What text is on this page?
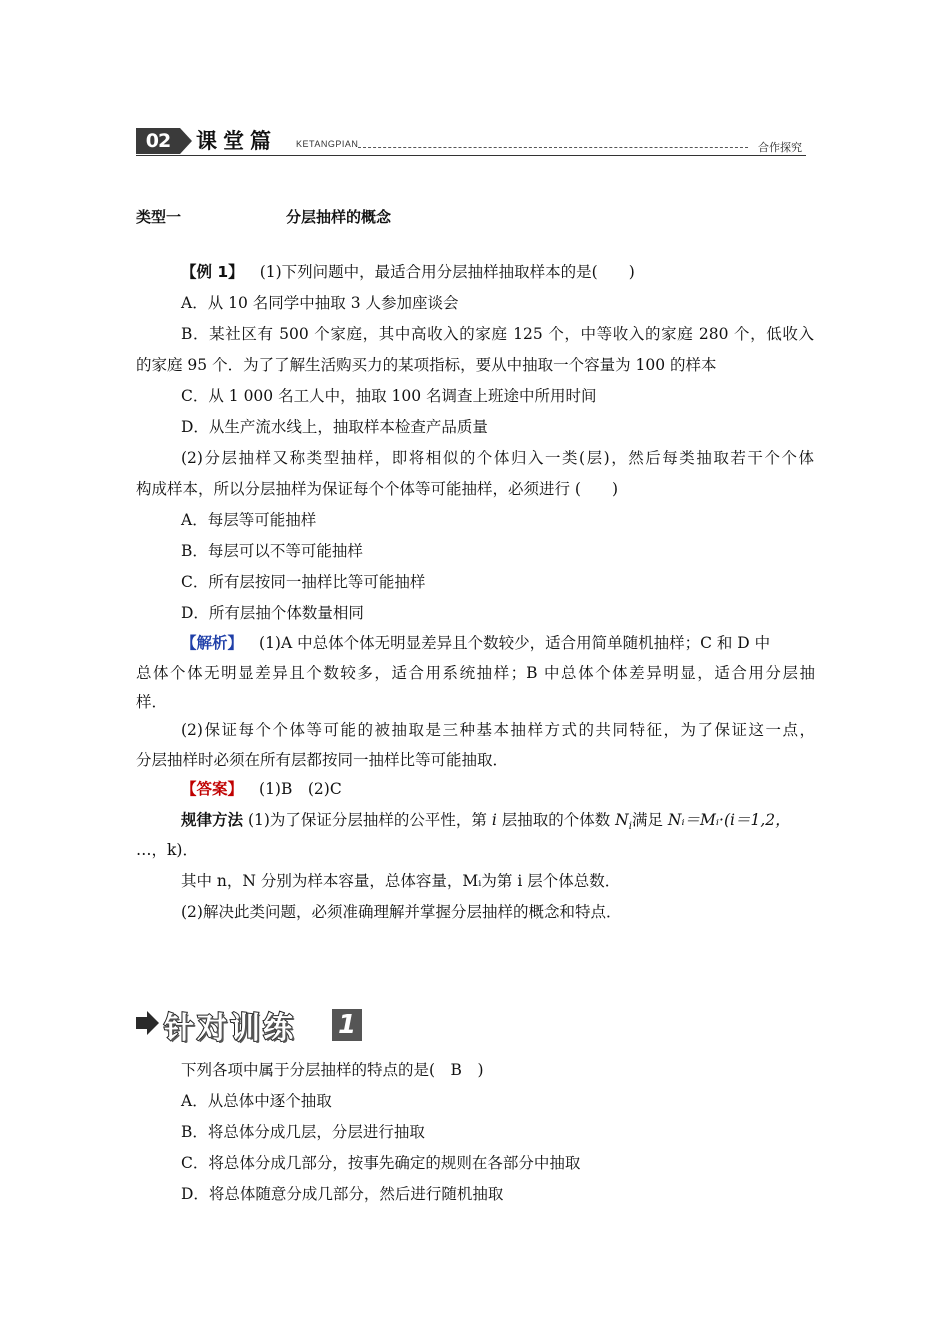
02	课堂篇 KETANGPIAN	合作探究
类型一	分层抽样的概念
【例 1】 (1)下列问题中，最适合用分层抽样抽取样本的是(　　)
A．从 10 名同学中抽取 3 人参加座谈会
B．某社区有 500 个家庭，其中高收入的家庭 125 个，中等收入的家庭 280 个，低收入
的家庭 95 个．为了了解生活购买力的某项指标，要从中抽取一个容量为 100 的样本
C．从 1 000 名工人中，抽取 100 名调查上班途中所用时间
D．从生产流水线上，抽取样本检查产品质量
(2)分层抽样又称类型抽样，即将相似的个体归入一类(层)，然后每类抽取若干个个体
构成样本，所以分层抽样为保证每个个体等可能抽样，必须进行 (　　)
A．每层等可能抽样
B．每层可以不等可能抽样
C．所有层按同一抽样比等可能抽样
D．所有层抽个体数量相同
【解析】 (1)A 中总体个体无明显差异且个数较少，适合用简单随机抽样；C 和 D 中
总体个体无明显差异且个数较多，适合用系统抽样；B 中总体个体差异明显，适合用分层抽
样．
(2)保证每个个体等可能的被抽取是三种基本抽样方式的共同特征，为了保证这一点，
分层抽样时必须在所有层都按同一抽样比等可能抽取．
【答案】 (1)B　(2)C
规律方法 (1)为了保证分层抽样的公平性，第 i 层抽取的个体数 $N_i$满足 Nᵢ＝Mᵢ·(i＝1,2，
…，k)．
其中 n，N 分别为样本容量，总体容量，Mᵢ为第 i 层个体总数．
(2)解决此类问题，必须准确理解并掌握分层抽样的概念和特点．
针对训练 1
下列各项中属于分层抽样的特点的是(　B　)
A．从总体中逐个抽取
B．将总体分成几层，分层进行抽取
C．将总体分成几部分，按事先确定的规则在各部分中抽取
D．将总体随意分成几部分，然后进行随机抽取
